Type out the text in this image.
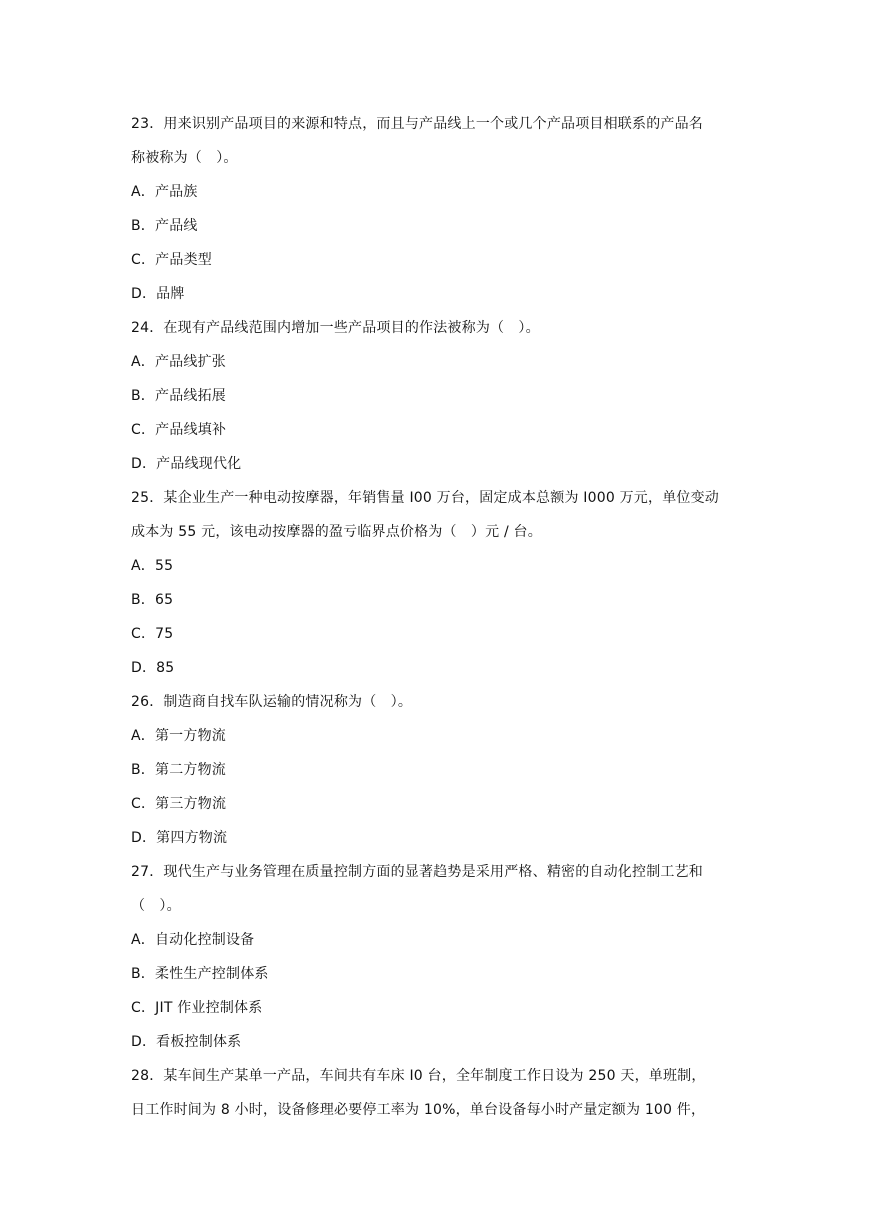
23．用来识别产品项目的来源和特点，而且与产品线上一个或几个产品项目相联系的产品名
称被称为（　）。
A．产品族
B．产品线
C．产品类型
D．品牌
24．在现有产品线范围内增加一些产品项目的作法被称为（　）。
A．产品线扩张
B．产品线拓展
C．产品线填补
D．产品线现代化
25．某企业生产一种电动按摩器，年销售量 I00 万台，固定成本总额为 I000 万元，单位变动
成本为 55 元，该电动按摩器的盈亏临界点价格为（　）元 / 台。
A．55
B．65
C．75
D．85
26．制造商自找车队运输的情况称为（　）。
A．第一方物流
B．第二方物流
C．第三方物流
D．第四方物流
27．现代生产与业务管理在质量控制方面的显著趋势是采用严格、精密的自动化控制工艺和
（　）。
A．自动化控制设备
B．柔性生产控制体系
C．JIT 作业控制体系
D．看板控制体系
28．某车间生产某单一产品，车间共有车床 I0 台，全年制度工作日设为 250 天，单班制，
日工作时间为 8 小时，设备修理必要停工率为 10%，单台设备每小时产量定额为 100 件，
